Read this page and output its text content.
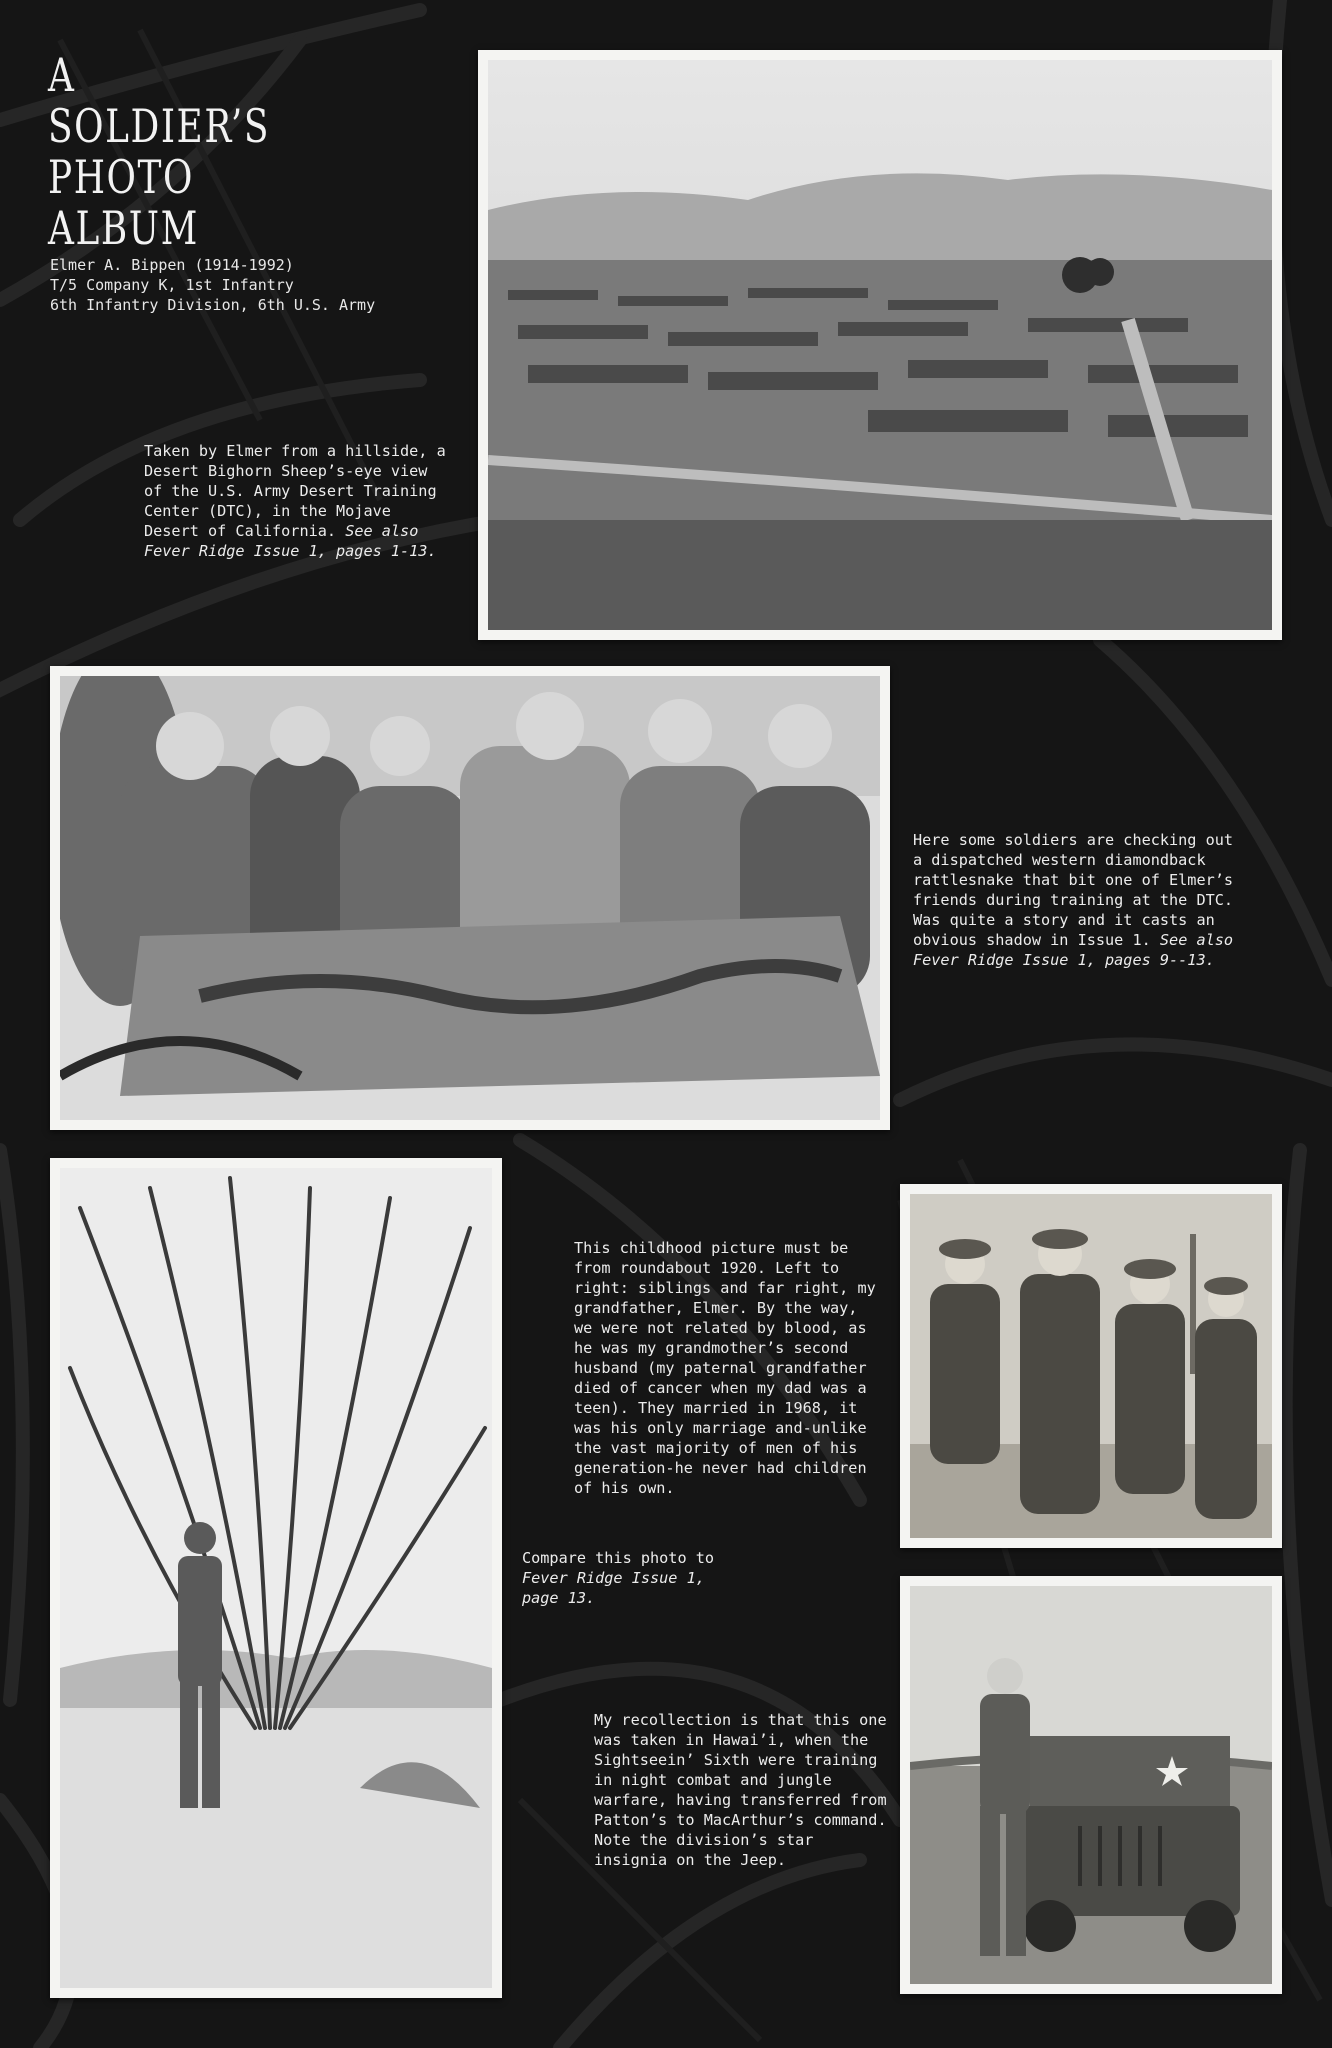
A
SOLDIER’S
PHOTO
ALBUM
Elmer A. Bippen (1914-1992)
T/5 Company K, 1st Infantry
6th Infantry Division, 6th U.S. Army
Taken by Elmer from a hillside, a Desert Bighorn Sheep’s-eye view of the U.S. Army Desert Training Center (DTC), in the Mojave Desert of California. See also Fever Ridge Issue 1, pages 1-13.
Here some soldiers are checking out a dispatched western diamondback rattlesnake that bit one of Elmer’s friends during training at the DTC. Was quite a story and it casts an obvious shadow in Issue 1. See also Fever Ridge Issue 1, pages 9--13.
This childhood picture must be from roundabout 1920. Left to right: siblings and far right, my grandfather, Elmer. By the way, we were not related by blood, as he was my grandmother’s second husband (my paternal grandfather died of cancer when my dad was a teen). They married in 1968, it was his only marriage and-unlike the vast majority of men of his generation-he never had children of his own.
Compare this photo to Fever Ridge Issue 1, page 13.
My recollection is that this one was taken in Hawai’i, when the Sightseein’ Sixth were training in night combat and jungle warfare, having transferred from Patton’s to MacArthur’s command. Note the division’s star insignia on the Jeep.
